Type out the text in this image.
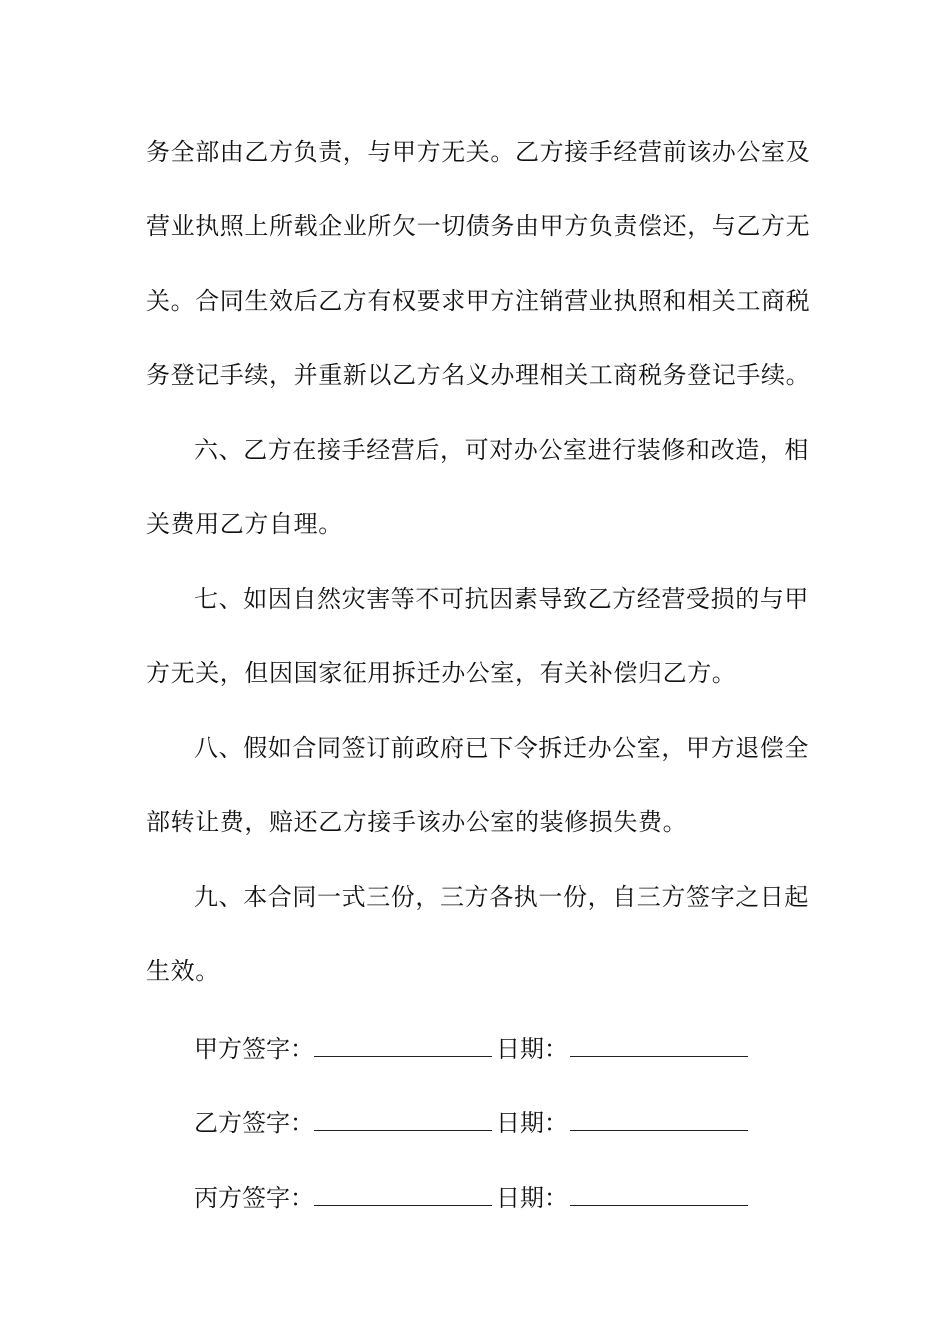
务全部由乙方负责，与甲方无关。乙方接手经营前该办公室及
营业执照上所载企业所欠一切债务由甲方负责偿还，与乙方无
关。合同生效后乙方有权要求甲方注销营业执照和相关工商税
务登记手续，并重新以乙方名义办理相关工商税务登记手续。
六、乙方在接手经营后，可对办公室进行装修和改造，相
关费用乙方自理。
七、如因自然灾害等不可抗因素导致乙方经营受损的与甲
方无关，但因国家征用拆迁办公室，有关补偿归乙方。
八、假如合同签订前政府已下令拆迁办公室，甲方退偿全
部转让费，赔还乙方接手该办公室的装修损失费。
九、本合同一式三份，三方各执一份，自三方签字之日起
生效。
甲方签字：	日期：
乙方签字：	日期：
丙方签字：	日期：
